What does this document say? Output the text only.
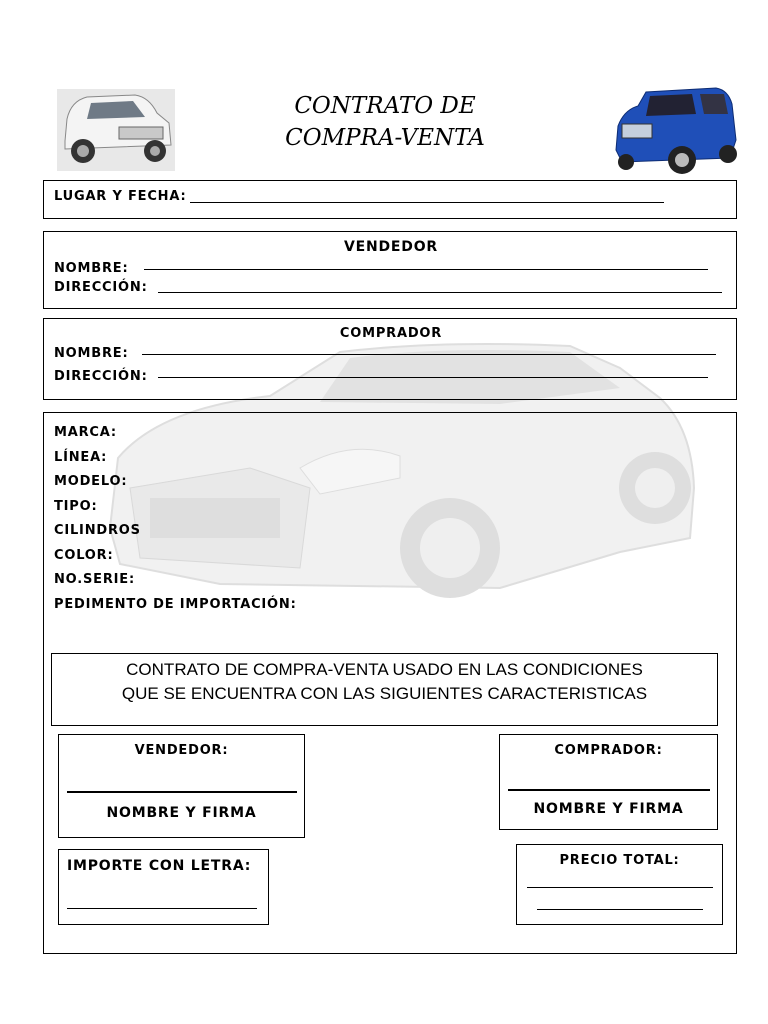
CONTRATO DE
COMPRA-VENTA
LUGAR Y FECHA:
VENDEDOR
NOMBRE:
DIRECCIÓN:
COMPRADOR
NOMBRE:
DIRECCIÓN:
MARCA:
LÍNEA:
MODELO:
TIPO:
CILINDROS
COLOR:
NO.SERIE:
PEDIMENTO DE IMPORTACIÓN:
CONTRATO DE COMPRA-VENTA USADO EN LAS CONDICIONES
QUE SE ENCUENTRA CON LAS SIGUIENTES CARACTERISTICAS
VENDEDOR:
NOMBRE Y FIRMA
COMPRADOR:
NOMBRE Y FIRMA
IMPORTE CON LETRA:	PRECIO TOTAL:
